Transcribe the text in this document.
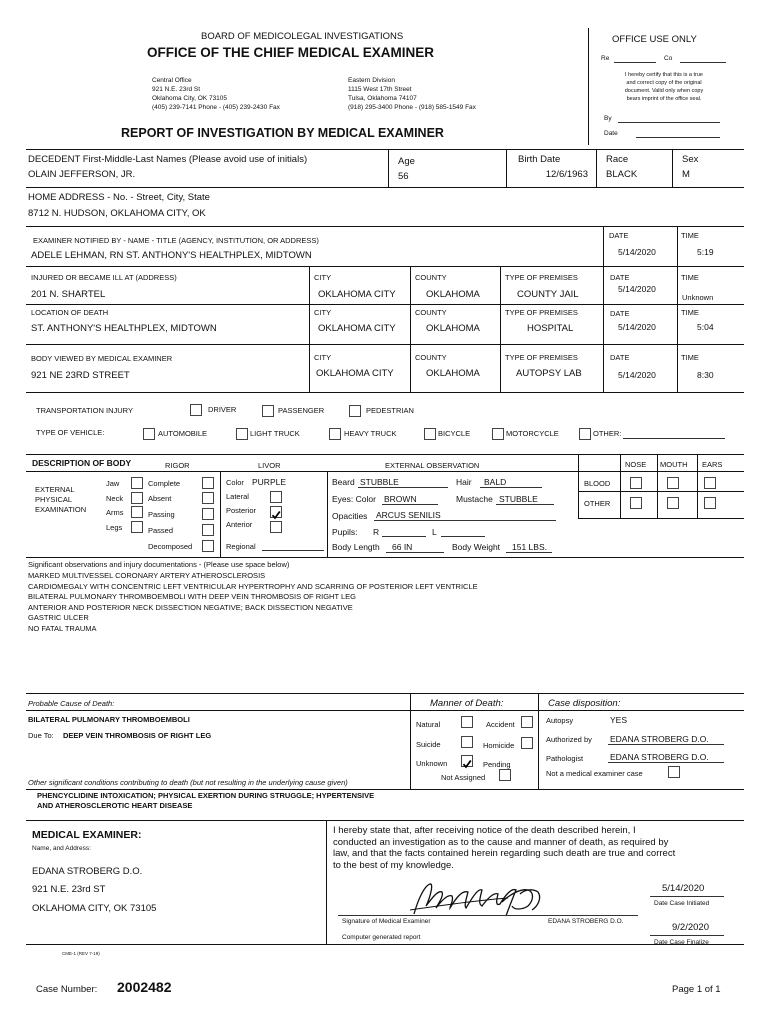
BOARD OF MEDICOLEGAL INVESTIGATIONS
OFFICE OF THE CHIEF MEDICAL EXAMINER
Central Office
921 N.E. 23rd St
Oklahoma City, OK 73105
(405) 239-7141 Phone - (405) 239-2430 Fax
Eastern Division
1115 West 17th Street
Tulsa, Oklahoma 74107
(918) 295-3400 Phone - (918) 585-1549 Fax
REPORT OF INVESTIGATION BY MEDICAL EXAMINER
OFFICE USE ONLY
Re	Co
I hereby certify that this is a true
and correct copy of the original
document. Valid only when copy
bears imprint of the office seal.
By
Date
DECEDENT First-Middle-Last Names (Please avoid use of initials)
OLAIN JEFFERSON, JR.
Age
56
Birth Date
12/6/1963
Race
BLACK
Sex
M
HOME ADDRESS - No. - Street, City, State
8712 N. HUDSON, OKLAHOMA CITY, OK
EXAMINER NOTIFIED BY - NAME - TITLE (AGENCY, INSTITUTION, OR ADDRESS)
ADELE LEHMAN, RN ST. ANTHONY'S HEALTHPLEX, MIDTOWN
DATE
5/14/2020
TIME
5:19
INJURED OR BECAME ILL AT (ADDRESS)
201 N. SHARTEL
CITY
OKLAHOMA CITY
COUNTY
OKLAHOMA
TYPE OF PREMISES
COUNTY JAIL
DATE
5/14/2020
TIME
Unknown
LOCATION OF DEATH
ST. ANTHONY'S HEALTHPLEX, MIDTOWN
CITY
OKLAHOMA CITY
COUNTY
OKLAHOMA
TYPE OF PREMISES
HOSPITAL
DATE
5/14/2020
TIME
5:04
BODY VIEWED BY MEDICAL EXAMINER
921 NE 23RD STREET
CITY
OKLAHOMA CITY
COUNTY
OKLAHOMA
TYPE OF PREMISES
AUTOPSY LAB
DATE
5/14/2020
TIME
8:30
TRANSPORTATION INJURY	DRIVER	PASSENGER	PEDESTRIAN
TYPE OF VEHICLE:	AUTOMOBILE	LIGHT TRUCK	HEAVY TRUCK	BICYCLE	MOTORCYCLE	OTHER:
DESCRIPTION OF BODY	RIGOR	LIVOR	EXTERNAL OBSERVATION	NOSE MOUTH EARS
EXTERNAL
PHYSICAL
EXAMINATION
Jaw
Neck
Arms
Legs
Complete
Absent
Passing
Passed
Decomposed
Color PURPLE
Lateral
Posterior
Anterior
Regional
Beard STUBBLE	Hair BALD
Eyes: Color BROWN	Mustache STUBBLE
Opacities ARCUS SENILIS
Pupils: R	L
Body Length 66 IN	Body Weight 151 LBS.
BLOOD
OTHER
Significant observations and injury documentations - (Please use space below)
MARKED MULTIVESSEL CORONARY ARTERY ATHEROSCLEROSIS
CARDIOMEGALY WITH CONCENTRIC LEFT VENTRICULAR HYPERTROPHY AND SCARRING OF POSTERIOR LEFT VENTRICLE
BILATERAL PULMONARY THROMBOEMBOLI WITH DEEP VEIN THROMBOSIS OF RIGHT LEG
ANTERIOR AND POSTERIOR NECK DISSECTION NEGATIVE; BACK DISSECTION NEGATIVE
GASTRIC ULCER
NO FATAL TRAUMA
Probable Cause of Death:
BILATERAL PULMONARY THROMBOEMBOLI
Due To: DEEP VEIN THROMBOSIS OF RIGHT LEG
Manner of Death:
Natural	Accident
Suicide	Homicide
Unknown	Pending
Not Assigned
Case disposition:
Autopsy	YES
Authorized by EDANA STROBERG D.O.
Pathologist	EDANA STROBERG D.O.
Not a medical examiner case
Other significant conditions contributing to death (but not resulting in the underlying cause given)
PHENCYCLIDINE INTOXICATION; PHYSICAL EXERTION DURING STRUGGLE; HYPERTENSIVE
AND ATHEROSCLEROTIC HEART DISEASE
MEDICAL EXAMINER:
Name, and Address:
EDANA STROBERG D.O.
921 N.E. 23rd ST
OKLAHOMA CITY, OK 73105
I hereby state that, after receiving notice of the death described herein, I
conducted an investigation as to the cause and manner of death, as required by
law, and that the facts contained herein regarding such death are true and correct
to the best of my knowledge.
Signature of Medical Examiner	EDANA STROBERG D.O.
Computer generated report
5/14/2020
Date Case Initiated
9/2/2020
Date Case Finalize
CME-1 (REV 7-19)
Case Number: 2002482	Page 1 of 1
